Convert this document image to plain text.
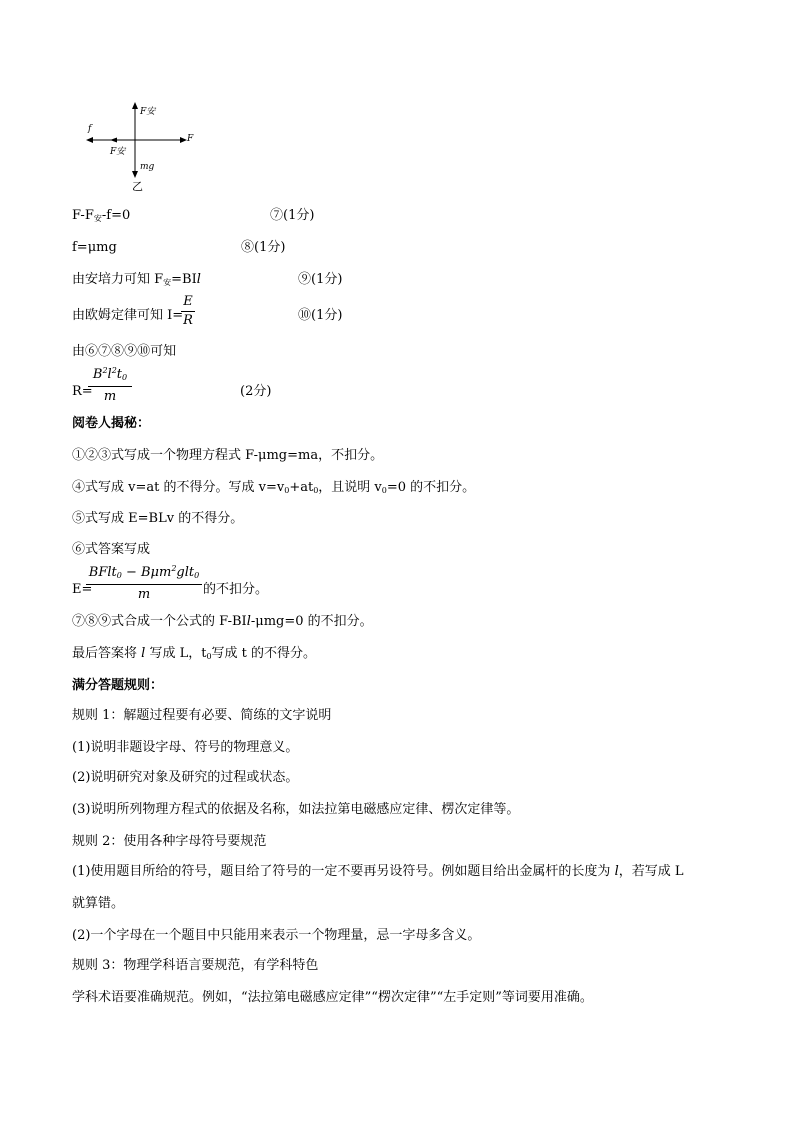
F安
f
F安
F
mg
乙
$F-F_安-f=0$	⑦(1分)
f=μmg	⑧(1分)
由安培力可知 $F_安=BIl$	⑨(1分)
由欧姆定律可知 I=
E
R	⑩(1分)
由⑥⑦⑧⑨⑩可知
R=
$B^2l^2t_0$
m	(2分)
阅卷人揭秘：
①②③式写成一个物理方程式 F-μmg=ma，不扣分。
④式写成 v=at 的不得分。写成 $v=v_0+at_0$，且说明 $v_0=0$ 的不扣分。
⑤式写成 E=BLv 的不得分。
⑥式答案写成
E=
BFlt$_0$ − Bμm$^2$glt$_0$
m	的不扣分。
⑦⑧⑨式合成一个公式的 F-BIl-μmg=0 的不扣分。
最后答案将 l 写成 L，$t_0$写成 t 的不得分。
满分答题规则：
规则 1：解题过程要有必要、简练的文字说明
(1)说明非题设字母、符号的物理意义。
(2)说明研究对象及研究的过程或状态。
(3)说明所列物理方程式的依据及名称，如法拉第电磁感应定律、楞次定律等。
规则 2：使用各种字母符号要规范
(1)使用题目所给的符号，题目给了符号的一定不要再另设符号。例如题目给出金属杆的长度为 l，若写成 L
就算错。
(2)一个字母在一个题目中只能用来表示一个物理量，忌一字母多含义。
规则 3：物理学科语言要规范，有学科特色
学科术语要准确规范。例如，“法拉第电磁感应定律”“楞次定律”“左手定则”等词要用准确。
